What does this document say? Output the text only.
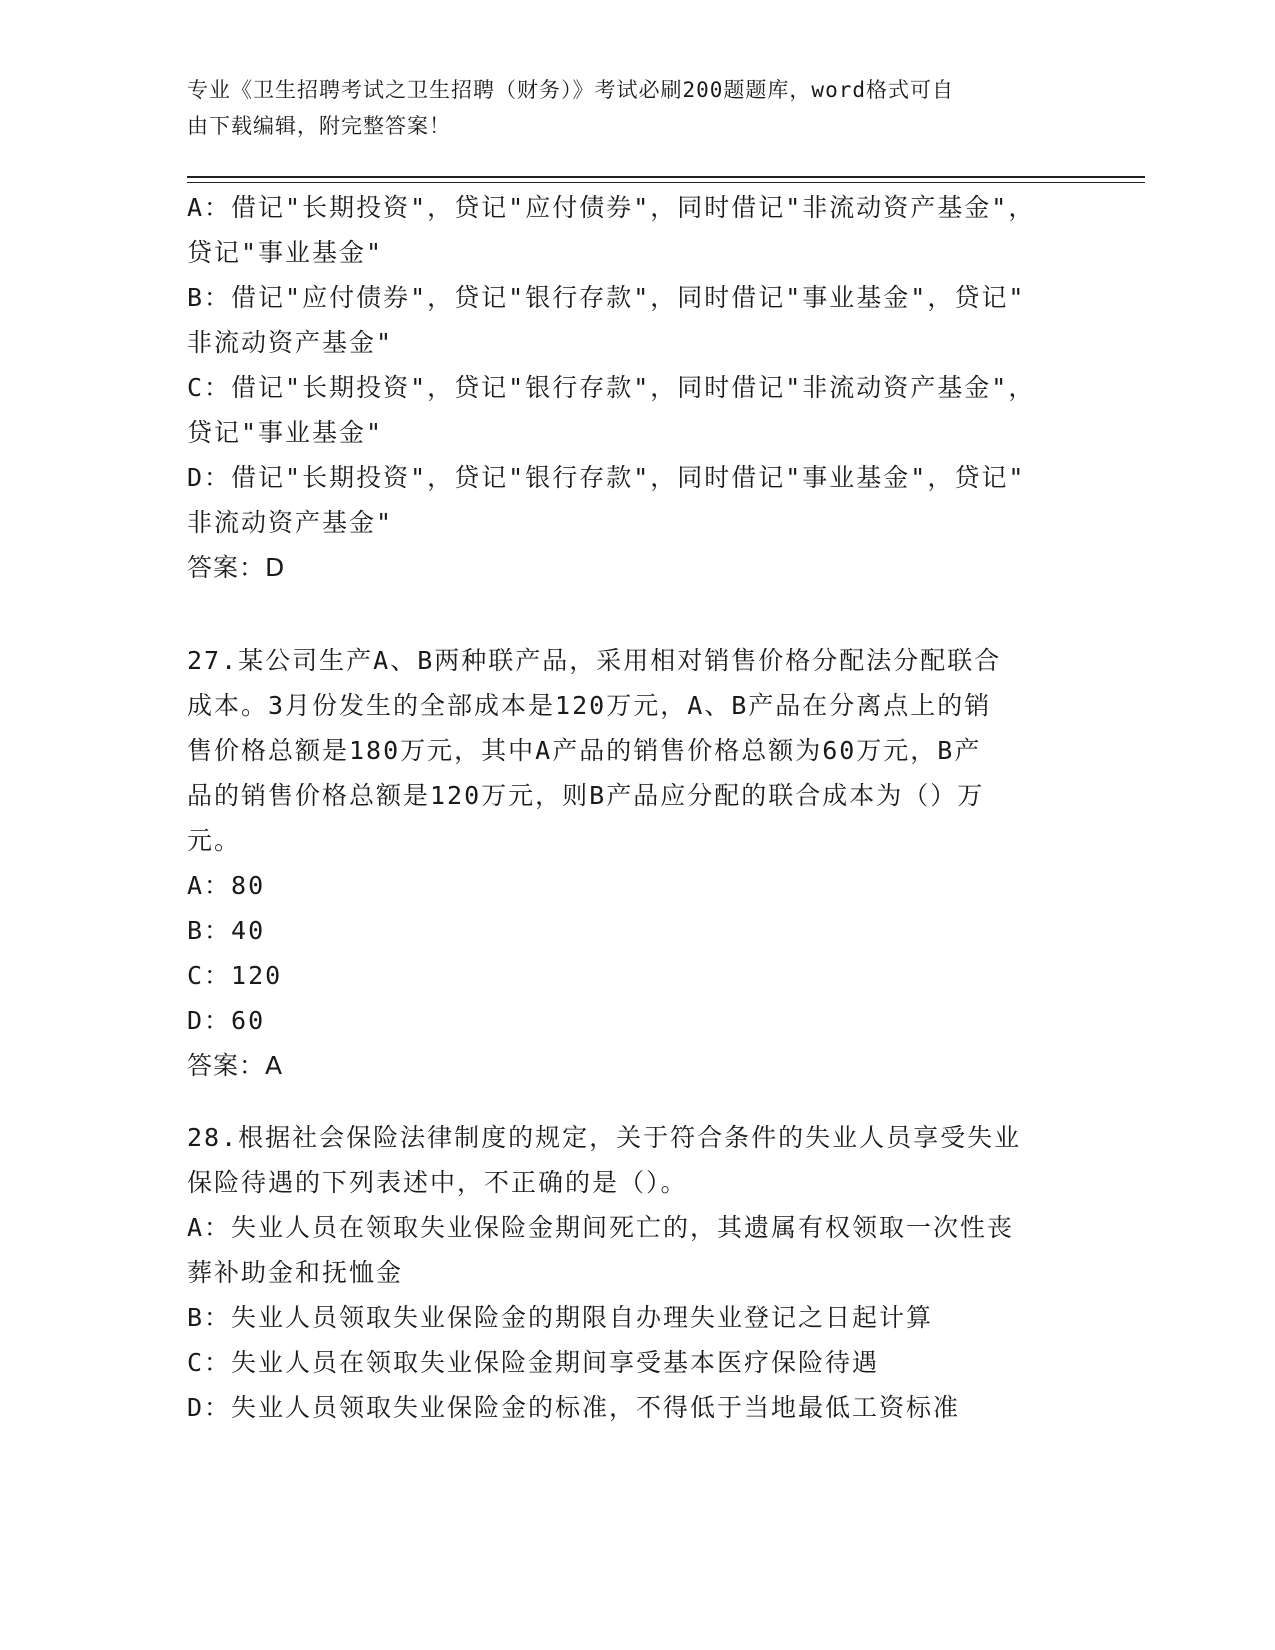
专业《卫生招聘考试之卫生招聘（财务）》考试必刷200题题库，word格式可自
由下载编辑，附完整答案！
A：借记"长期投资"，贷记"应付债券"，同时借记"非流动资产基金"，
贷记"事业基金"
B：借记"应付债券"，贷记"银行存款"，同时借记"事业基金"，贷记"
非流动资产基金"
C：借记"长期投资"，贷记"银行存款"，同时借记"非流动资产基金"，
贷记"事业基金"
D：借记"长期投资"，贷记"银行存款"，同时借记"事业基金"，贷记"
非流动资产基金"
答案：D
27.某公司生产A、B两种联产品，采用相对销售价格分配法分配联合
成本。3月份发生的全部成本是120万元，A、B产品在分离点上的销
售价格总额是180万元，其中A产品的销售价格总额为60万元，B产
品的销售价格总额是120万元，则B产品应分配的联合成本为（）万
元。
A：80
B：40
C：120
D：60
答案：A
28.根据社会保险法律制度的规定，关于符合条件的失业人员享受失业
保险待遇的下列表述中，不正确的是（）。
A：失业人员在领取失业保险金期间死亡的，其遗属有权领取一次性丧
葬补助金和抚恤金
B：失业人员领取失业保险金的期限自办理失业登记之日起计算
C：失业人员在领取失业保险金期间享受基本医疗保险待遇
D：失业人员领取失业保险金的标准，不得低于当地最低工资标准
